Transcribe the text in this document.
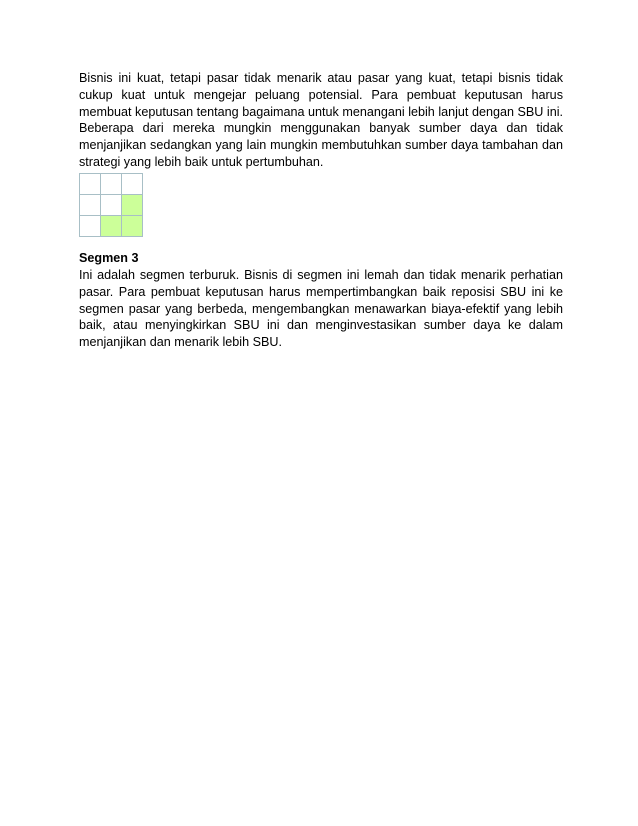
Bisnis ini kuat, tetapi pasar tidak menarik atau pasar yang kuat, tetapi bisnis tidak cukup kuat untuk mengejar peluang potensial. Para pembuat keputusan harus membuat keputusan tentang bagaimana untuk menangani lebih lanjut dengan SBU ini. Beberapa dari mereka mungkin menggunakan banyak sumber daya dan tidak menjanjikan sedangkan yang lain mungkin membutuhkan sumber daya tambahan dan strategi yang lebih baik untuk pertumbuhan.

Segmen 3

Ini adalah segmen terburuk. Bisnis di segmen ini lemah dan tidak menarik perhatian pasar. Para pembuat keputusan harus mempertimbangkan baik reposisi SBU ini ke segmen pasar yang berbeda, mengembangkan menawarkan biaya-efektif yang lebih baik, atau menyingkirkan SBU ini dan menginvestasikan sumber daya ke dalam menjanjikan dan menarik lebih SBU.
